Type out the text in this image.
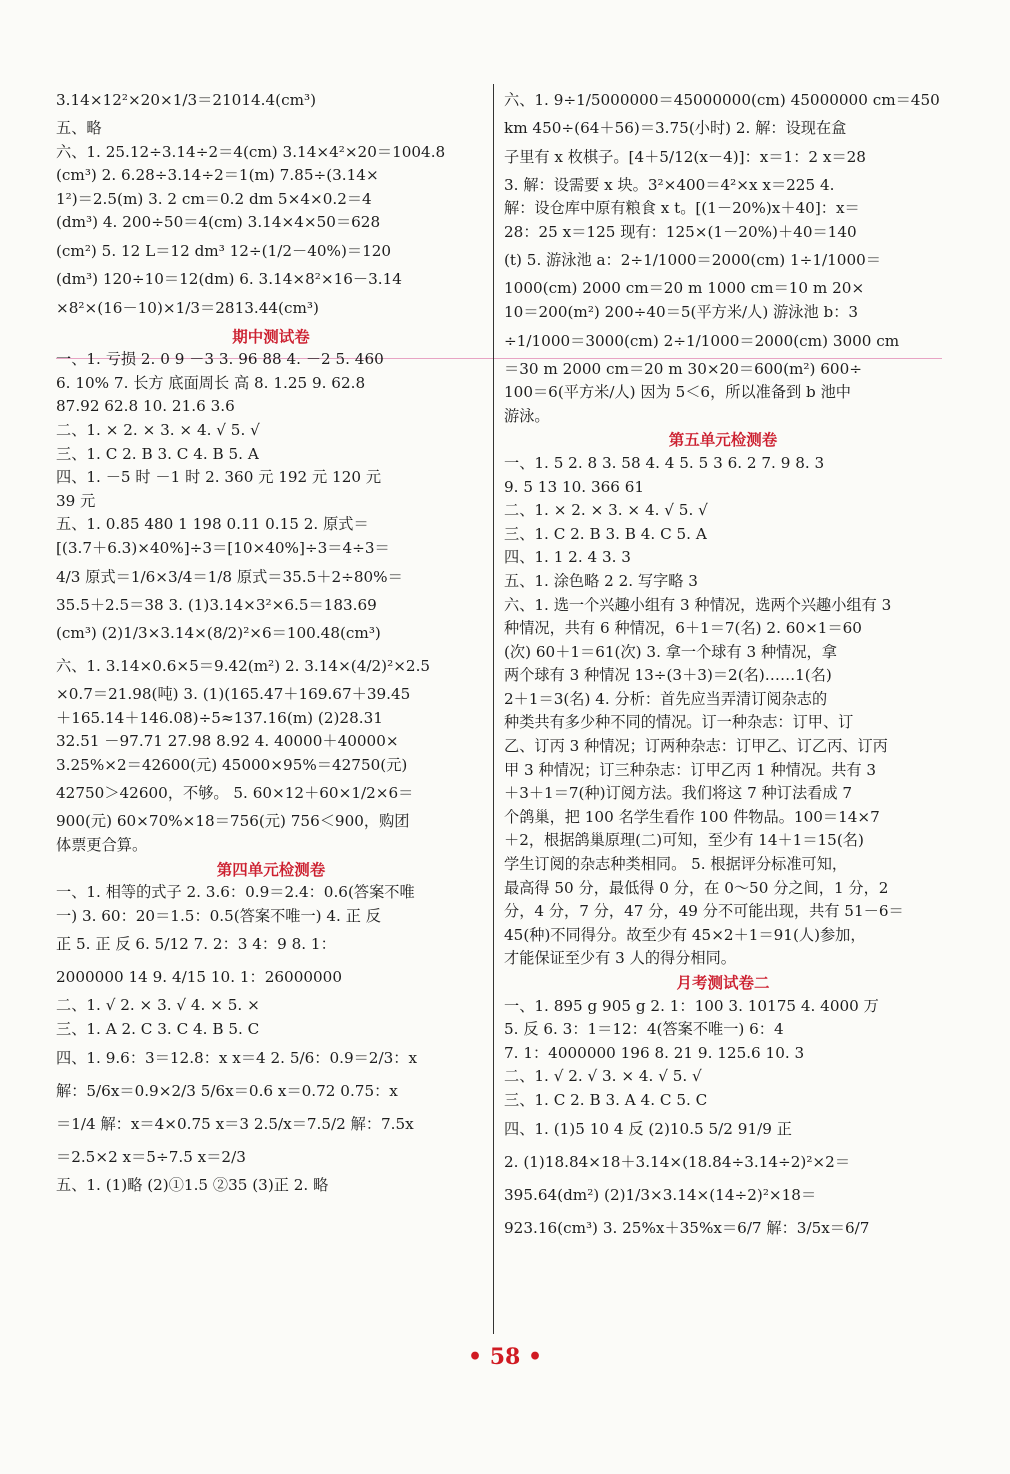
3.14×12²×20×1/3＝21014.4(cm³)
五、略
六、1. 25.12÷3.14÷2＝4(cm) 3.14×4²×20＝1004.8
(cm³) 2. 6.28÷3.14÷2＝1(m) 7.85÷(3.14×
1²)＝2.5(m) 3. 2 cm＝0.2 dm 5×4×0.2＝4
(dm³) 4. 200÷50＝4(cm) 3.14×4×50＝628
(cm²) 5. 12 L＝12 dm³ 12÷(1/2－40%)＝120
(dm³) 120÷10＝12(dm) 6. 3.14×8²×16－3.14
×8²×(16－10)×1/3＝2813.44(cm³)
期中测试卷
一、1. 亏损 2. 0 9 －3 3. 96 88 4. －2 5. 460
6. 10% 7. 长方 底面周长 高 8. 1.25 9. 62.8
87.92 62.8 10. 21.6 3.6
二、1. × 2. × 3. × 4. √ 5. √
三、1. C 2. B 3. C 4. B 5. A
四、1. －5 时 －1 时 2. 360 元 192 元 120 元
39 元
五、1. 0.85 480 1 198 0.11 0.15 2. 原式＝
[(3.7＋6.3)×40%]÷3＝[10×40%]÷3＝4÷3＝
4/3 原式＝1/6×3/4＝1/8 原式＝35.5＋2÷80%＝
35.5＋2.5＝38 3. (1)3.14×3²×6.5＝183.69
(cm³) (2)1/3×3.14×(8/2)²×6＝100.48(cm³)
六、1. 3.14×0.6×5＝9.42(m²) 2. 3.14×(4/2)²×2.5
×0.7＝21.98(吨) 3. (1)(165.47＋169.67＋39.45
＋165.14＋146.08)÷5≈137.16(m) (2)28.31
32.51 －97.71 27.98 8.92 4. 40000＋40000×
3.25%×2＝42600(元) 45000×95%＝42750(元)
42750＞42600，不够。 5. 60×12＋60×1/2×6＝
900(元) 60×70%×18＝756(元) 756＜900，购团
体票更合算。
第四单元检测卷
一、1. 相等的式子 2. 3.6：0.9＝2.4：0.6(答案不唯
一) 3. 60：20＝1.5：0.5(答案不唯一) 4. 正 反
正 5. 正 反 6. 5/12 7. 2：3 4：9 8. 1：
2000000 14 9. 4/15 10. 1：26000000
二、1. √ 2. × 3. √ 4. × 5. ×
三、1. A 2. C 3. C 4. B 5. C
四、1. 9.6：3＝12.8：x x＝4 2. 5/6：0.9＝2/3：x
解：5/6x＝0.9×2/3 5/6x＝0.6 x＝0.72 0.75：x
＝1/4 解：x＝4×0.75 x＝3 2.5/x＝7.5/2 解：7.5x
＝2.5×2 x＝5÷7.5 x＝2/3
五、1. (1)略 (2)①1.5 ②35 (3)正 2. 略
六、1. 9÷1/5000000＝45000000(cm) 45000000 cm＝450
km 450÷(64＋56)＝3.75(小时) 2. 解：设现在盒
子里有 x 枚棋子。[4＋5/12(x－4)]：x＝1：2 x＝28
3. 解：设需要 x 块。3²×400＝4²×x x＝225 4.
解：设仓库中原有粮食 x t。[(1－20%)x＋40]：x＝
28：25 x＝125 现有：125×(1－20%)＋40＝140
(t) 5. 游泳池 a：2÷1/1000＝2000(cm) 1÷1/1000＝
1000(cm) 2000 cm＝20 m 1000 cm＝10 m 20×
10＝200(m²) 200÷40＝5(平方米/人) 游泳池 b：3
÷1/1000＝3000(cm) 2÷1/1000＝2000(cm) 3000 cm
＝30 m 2000 cm＝20 m 30×20＝600(m²) 600÷
100＝6(平方米/人) 因为 5＜6，所以准备到 b 池中
游泳。
第五单元检测卷
一、1. 5 2. 8 3. 58 4. 4 5. 5 3 6. 2 7. 9 8. 3
9. 5 13 10. 366 61
二、1. × 2. × 3. × 4. √ 5. √
三、1. C 2. B 3. B 4. C 5. A
四、1. 1 2. 4 3. 3
五、1. 涂色略 2 2. 写字略 3
六、1. 选一个兴趣小组有 3 种情况，选两个兴趣小组有 3
种情况，共有 6 种情况，6＋1＝7(名) 2. 60×1＝60
(次) 60＋1＝61(次) 3. 拿一个球有 3 种情况，拿
两个球有 3 种情况 13÷(3＋3)＝2(名)……1(名)
2＋1＝3(名) 4. 分析：首先应当弄清订阅杂志的
种类共有多少种不同的情况。订一种杂志：订甲、订
乙、订丙 3 种情况；订两种杂志：订甲乙、订乙丙、订丙
甲 3 种情况；订三种杂志：订甲乙丙 1 种情况。共有 3
＋3＋1＝7(种)订阅方法。我们将这 7 种订法看成 7
个鸽巢，把 100 名学生看作 100 件物品。100＝14×7
＋2，根据鸽巢原理(二)可知，至少有 14＋1＝15(名)
学生订阅的杂志种类相同。 5. 根据评分标准可知，
最高得 50 分，最低得 0 分，在 0～50 分之间，1 分，2
分，4 分，7 分，47 分，49 分不可能出现，共有 51－6＝
45(种)不同得分。故至少有 45×2＋1＝91(人)参加，
才能保证至少有 3 人的得分相同。
月考测试卷二
一、1. 895 g 905 g 2. 1：100 3. 10175 4. 4000 万
5. 反 6. 3：1＝12：4(答案不唯一) 6：4
7. 1：4000000 196 8. 21 9. 125.6 10. 3
二、1. √ 2. √ 3. × 4. √ 5. √
三、1. C 2. B 3. A 4. C 5. C
四、1. (1)5 10 4 反 (2)10.5 5/2 91/9 正
2. (1)18.84×18＋3.14×(18.84÷3.14÷2)²×2＝
395.64(dm²) (2)1/3×3.14×(14÷2)²×18＝
923.16(cm³) 3. 25%x＋35%x＝6/7 解：3/5x＝6/7
• 58 •
